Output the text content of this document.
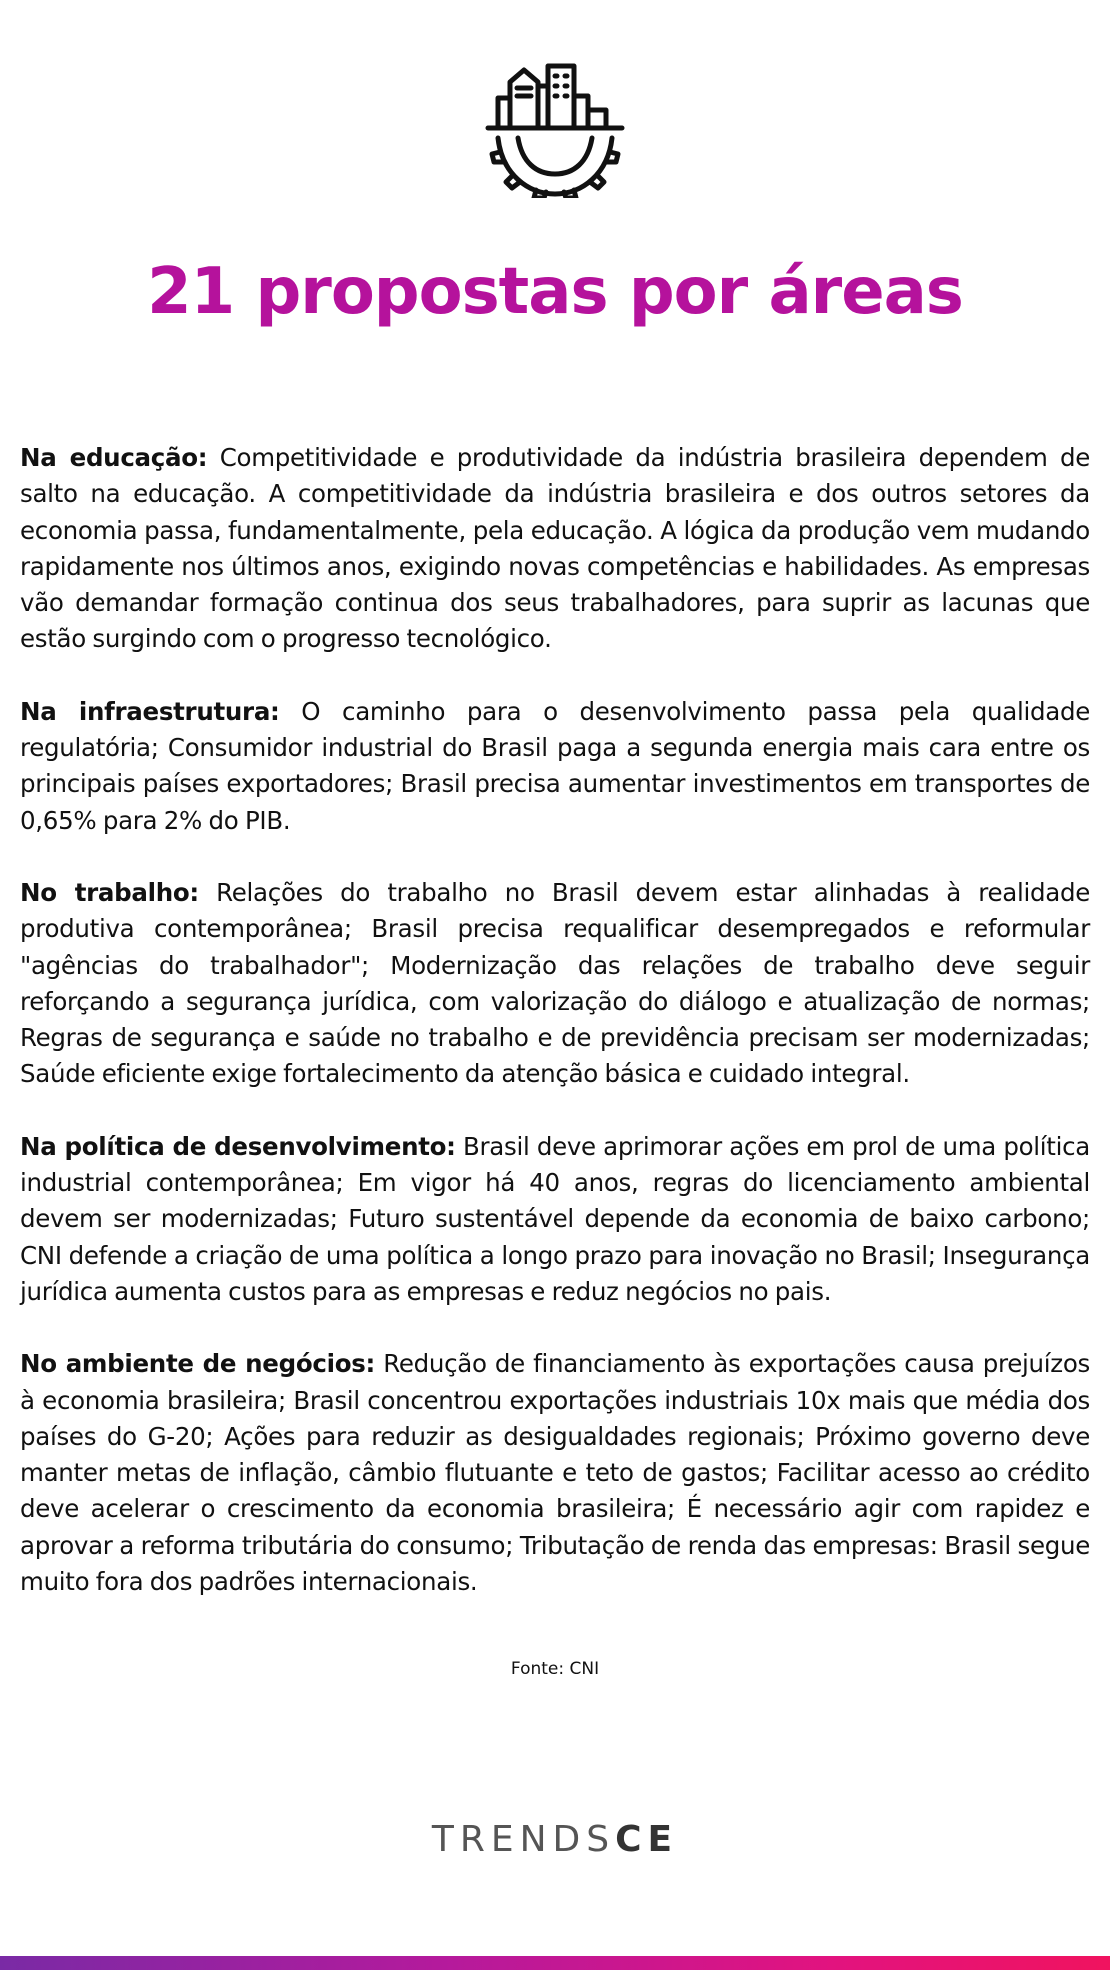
21 propostas por áreas

Na educação: Competitividade e produtividade da indústria brasileira dependem de salto na educação. A competitividade da indústria brasileira e dos outros setores da economia passa, fundamentalmente, pela educação. A lógica da produção vem mudando rapidamente nos últimos anos, exigindo novas competências e habilidades. As empresas vão demandar formação continua dos seus trabalhadores, para suprir as lacunas que estão surgindo com o progresso tecnológico.

Na infraestrutura: O caminho para o desenvolvimento passa pela qualidade regulatória; Consumidor industrial do Brasil paga a segunda energia mais cara entre os principais países exportadores; Brasil precisa aumentar investimentos em transportes de 0,65% para 2% do PIB.

No trabalho: Relações do trabalho no Brasil devem estar alinhadas à realidade produtiva contemporânea; Brasil precisa requalificar desempregados e reformular "agências do trabalhador"; Modernização das relações de trabalho deve seguir reforçando a segurança jurídica, com valorização do diálogo e atualização de normas; Regras de segurança e saúde no trabalho e de previdência precisam ser modernizadas; Saúde eficiente exige fortalecimento da atenção básica e cuidado integral.

Na política de desenvolvimento: Brasil deve aprimorar ações em prol de uma política industrial contemporânea; Em vigor há 40 anos, regras do licenciamento ambiental devem ser modernizadas; Futuro sustentável depende da economia de baixo carbono; CNI defende a criação de uma política a longo prazo para inovação no Brasil; Insegurança jurídica aumenta custos para as empresas e reduz negócios no pais.

No ambiente de negócios: Redução de financiamento às exportações causa prejuízos à economia brasileira; Brasil concentrou exportações industriais 10x mais que média dos países do G-20; Ações para reduzir as desigualdades regionais; Próximo governo deve manter metas de inflação, câmbio flutuante e teto de gastos; Facilitar acesso ao crédito deve acelerar o crescimento da economia brasileira; É necessário agir com rapidez e aprovar a reforma tributária do consumo; Tributação de renda das empresas: Brasil segue muito fora dos padrões internacionais.

Fonte: CNI
TRENDSCE
